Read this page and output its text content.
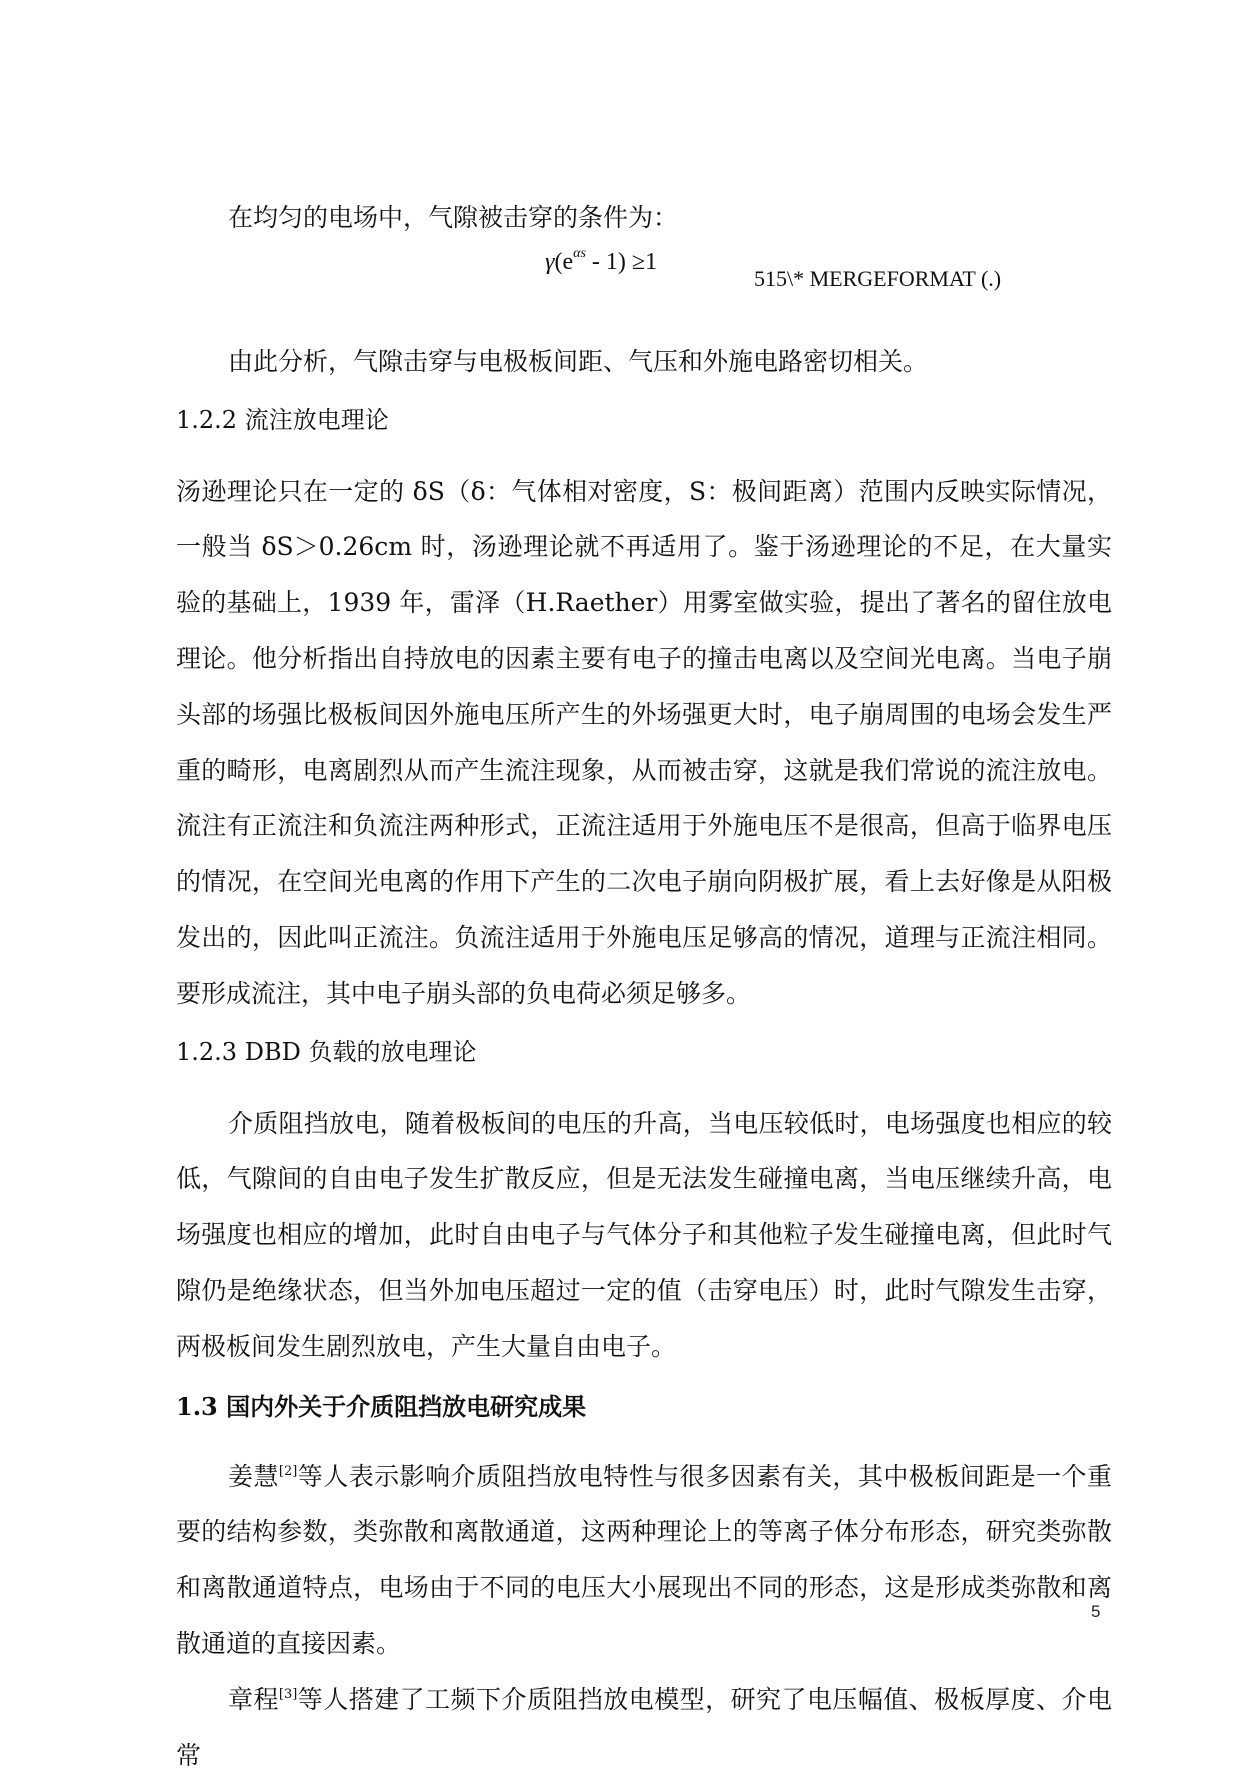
在均匀的电场中，气隙被击穿的条件为：

$\gamma(e^{\alpha s} - 1) \ge 1$
515\* MERGEFORMAT (.)

由此分析，气隙击穿与电极板间距、气压和外施电路密切相关。

1.2.2 流注放电理论

汤逊理论只在一定的 δS（δ：气体相对密度，S：极间距离）范围内反映实际情况，一般当 δS＞0.26cm 时，汤逊理论就不再适用了。鉴于汤逊理论的不足，在大量实验的基础上，1939 年，雷泽（H.Raether）用雾室做实验，提出了著名的留住放电理论。他分析指出自持放电的因素主要有电子的撞击电离以及空间光电离。当电子崩头部的场强比极板间因外施电压所产生的外场强更大时，电子崩周围的电场会发生严重的畸形，电离剧烈从而产生流注现象，从而被击穿，这就是我们常说的流注放电。流注有正流注和负流注两种形式，正流注适用于外施电压不是很高，但高于临界电压的情况，在空间光电离的作用下产生的二次电子崩向阴极扩展，看上去好像是从阳极发出的，因此叫正流注。负流注适用于外施电压足够高的情况，道理与正流注相同。要形成流注，其中电子崩头部的负电荷必须足够多。

1.2.3 DBD 负载的放电理论

介质阻挡放电，随着极板间的电压的升高，当电压较低时，电场强度也相应的较低，气隙间的自由电子发生扩散反应，但是无法发生碰撞电离，当电压继续升高，电场强度也相应的增加，此时自由电子与气体分子和其他粒子发生碰撞电离，但此时气隙仍是绝缘状态，但当外加电压超过一定的值（击穿电压）时，此时气隙发生击穿，两极板间发生剧烈放电，产生大量自由电子。

1.3 国内外关于介质阻挡放电研究成果

姜慧[2]等人表示影响介质阻挡放电特性与很多因素有关，其中极板间距是一个重要的结构参数，类弥散和离散通道，这两种理论上的等离子体分布形态，研究类弥散和离散通道特点，电场由于不同的电压大小展现出不同的形态，这是形成类弥散和离散通道的直接因素。

章程[3]等人搭建了工频下介质阻挡放电模型，研究了电压幅值、极板厚度、介电常

5
